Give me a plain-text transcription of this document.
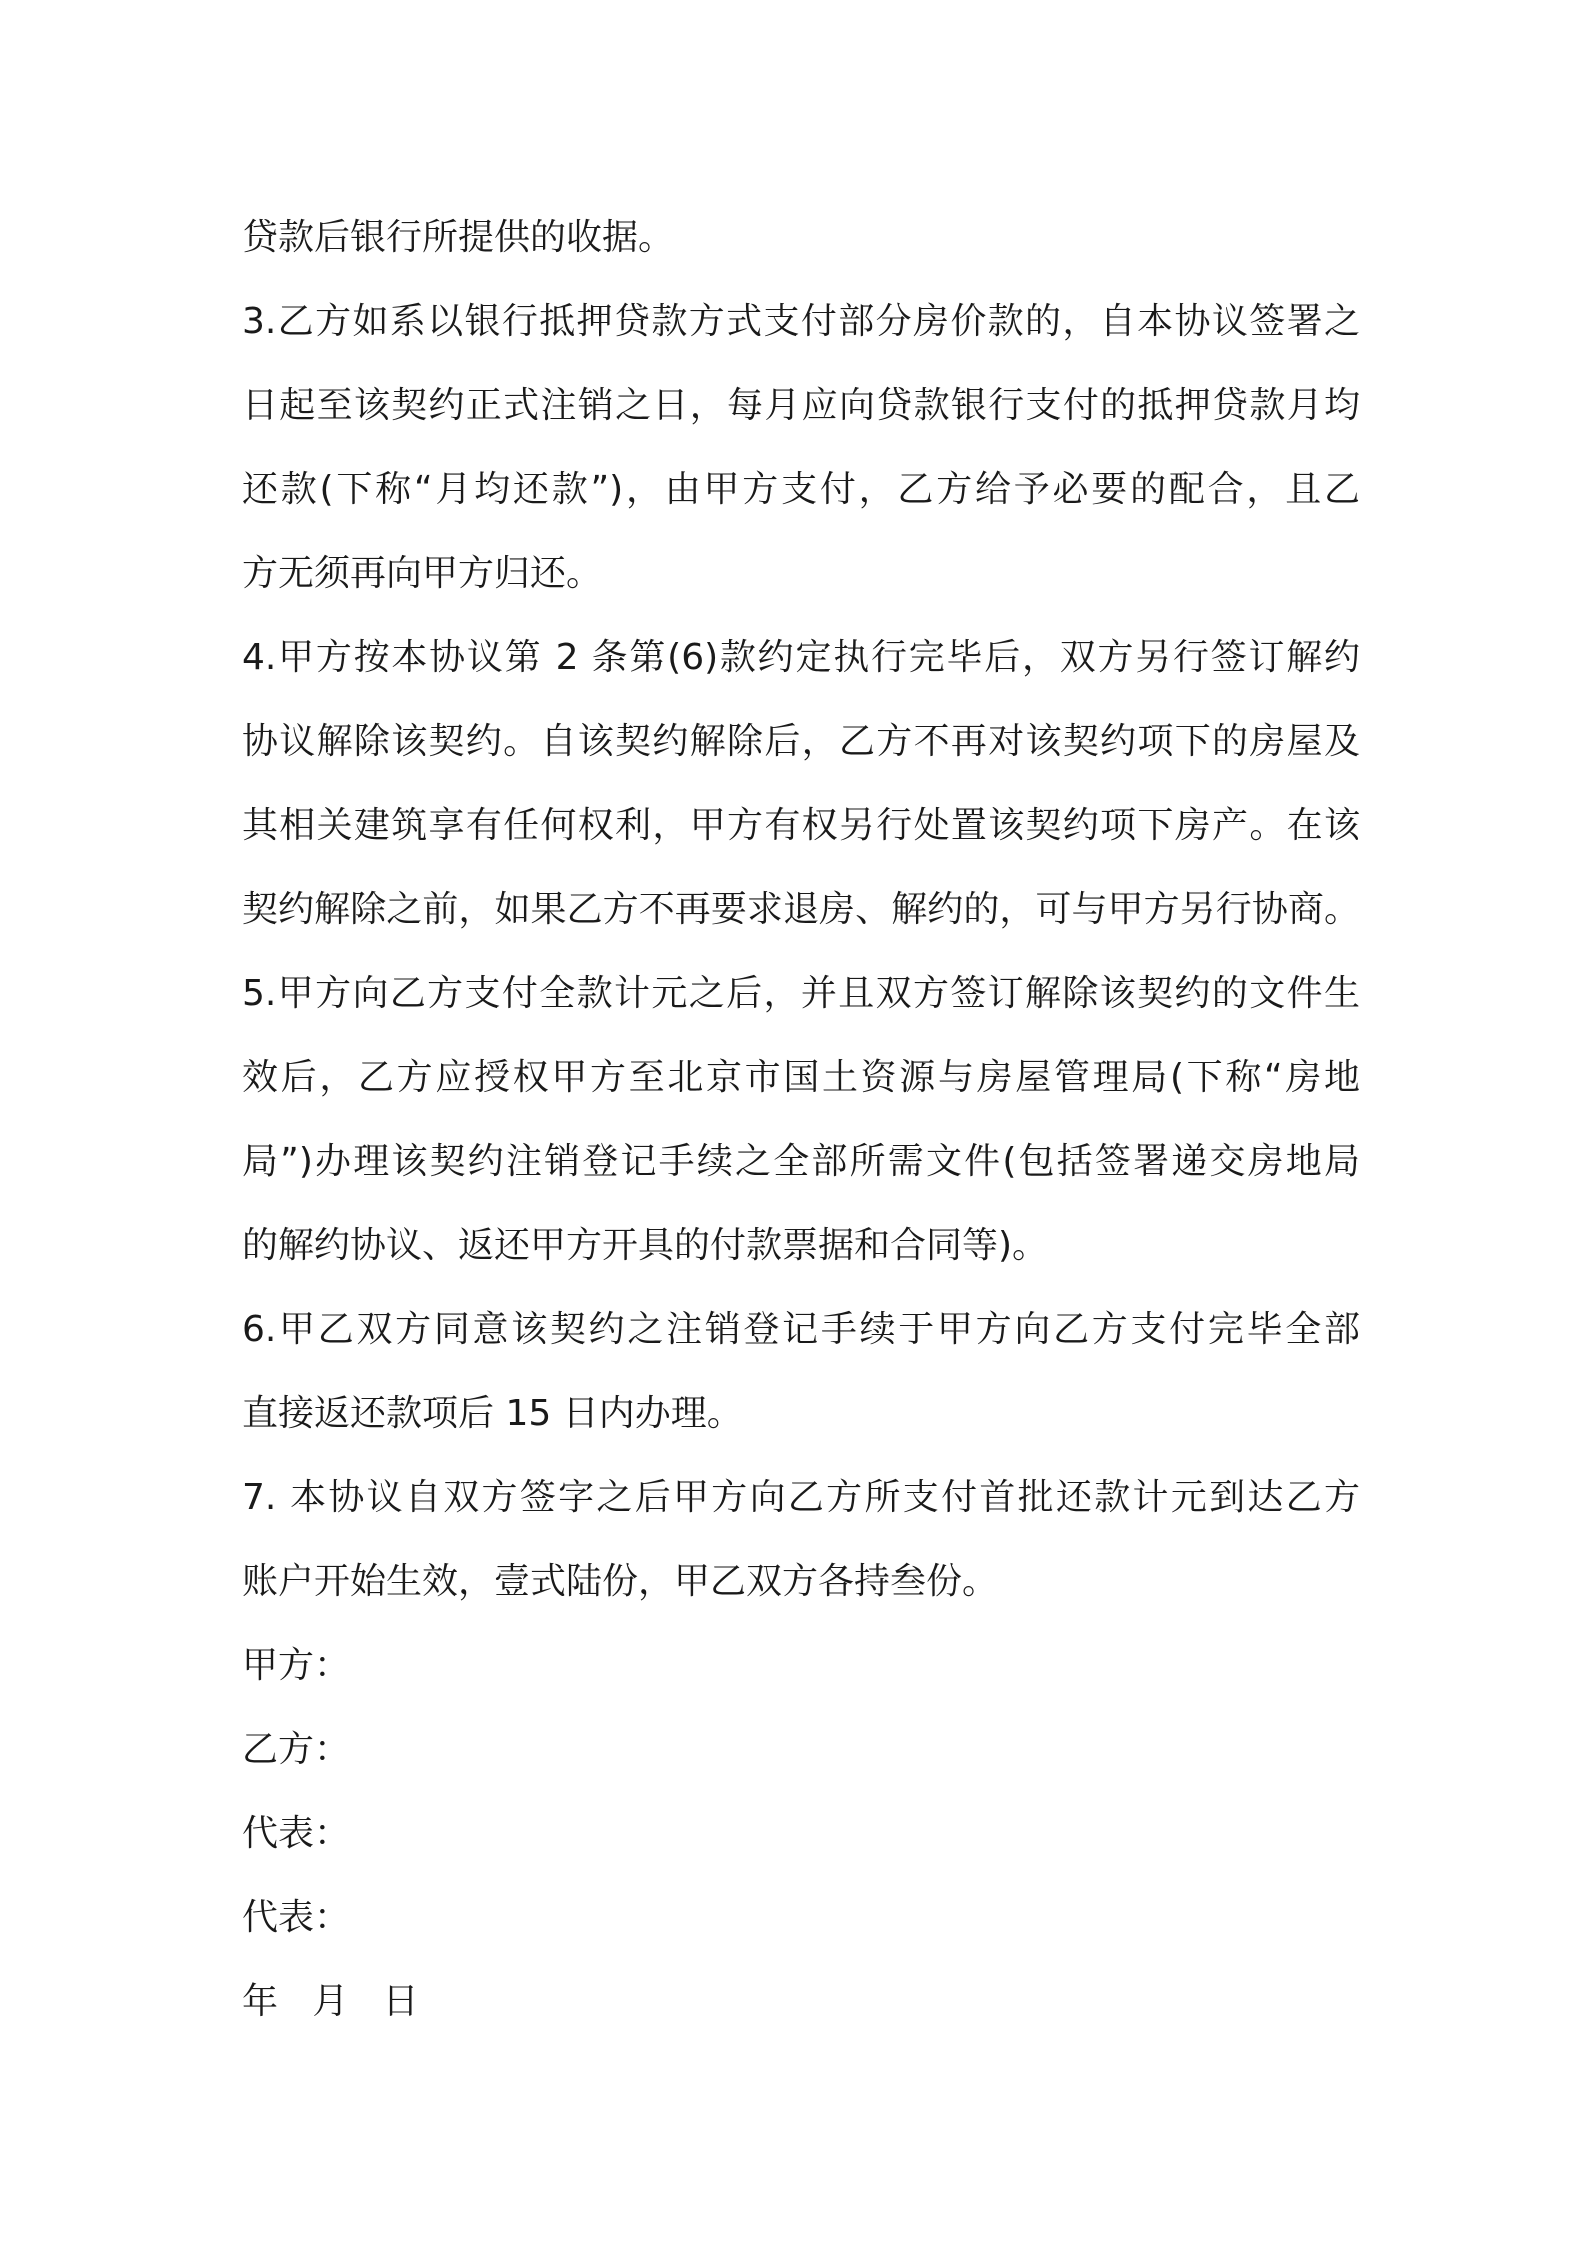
贷款后银行所提供的收据。
3.乙方如系以银行抵押贷款方式支付部分房价款的，自本协议签署之
日起至该契约正式注销之日，每月应向贷款银行支付的抵押贷款月均
还款(下称“月均还款”)，由甲方支付，乙方给予必要的配合，且乙
方无须再向甲方归还。
4.甲方按本协议第 2 条第(6)款约定执行完毕后，双方另行签订解约
协议解除该契约。自该契约解除后，乙方不再对该契约项下的房屋及
其相关建筑享有任何权利，甲方有权另行处置该契约项下房产。在该
契约解除之前，如果乙方不再要求退房、解约的，可与甲方另行协商。
5.甲方向乙方支付全款计元之后，并且双方签订解除该契约的文件生
效后，乙方应授权甲方至北京市国土资源与房屋管理局(下称“房地
局”)办理该契约注销登记手续之全部所需文件(包括签署递交房地局
的解约协议、返还甲方开具的付款票据和合同等)。
6.甲乙双方同意该契约之注销登记手续于甲方向乙方支付完毕全部
直接返还款项后 15 日内办理。
7. 本协议自双方签字之后甲方向乙方所支付首批还款计元到达乙方
账户开始生效，壹式陆份，甲乙双方各持叁份。
甲方：
乙方：
代表：
代表：
年   月   日
